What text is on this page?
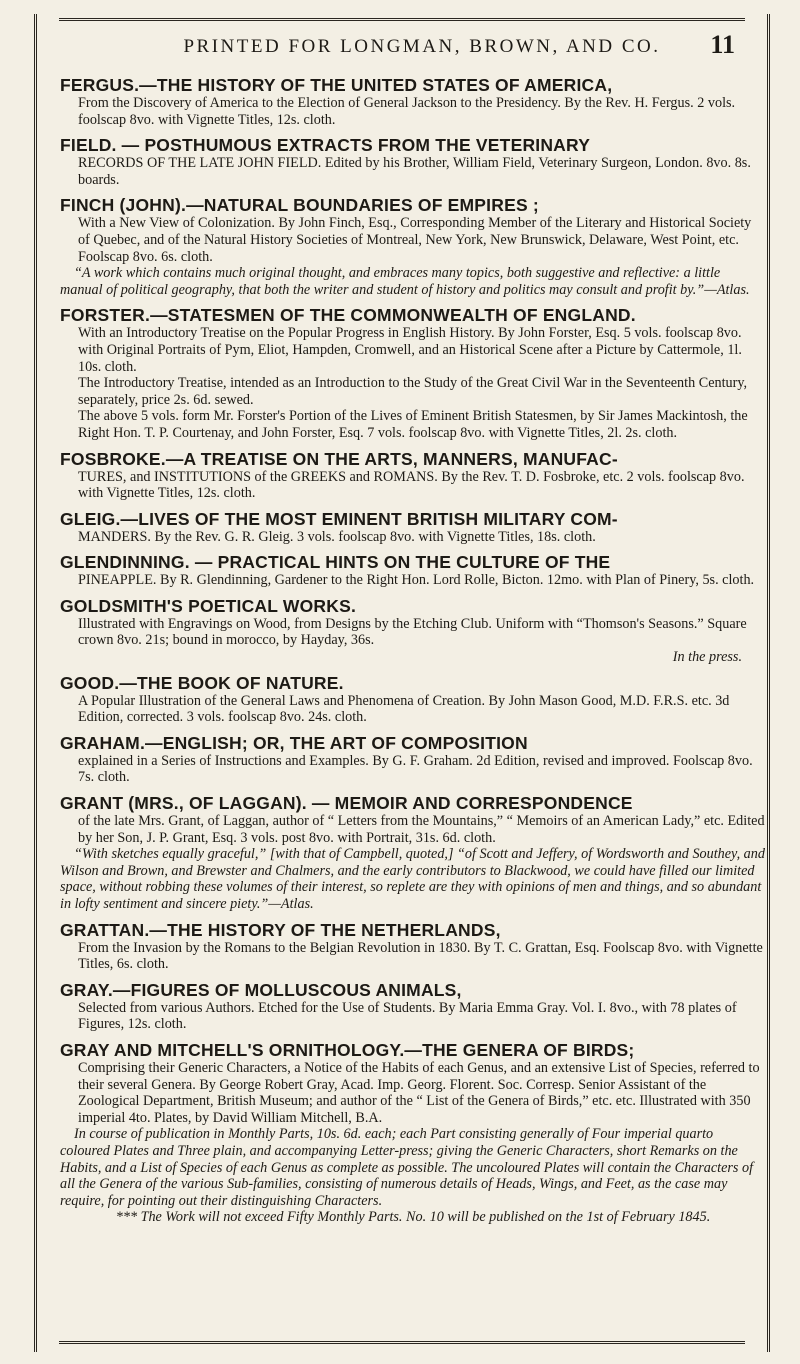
PRINTED FOR LONGMAN, BROWN, AND CO. 11
FERGUS.—THE HISTORY OF THE UNITED STATES OF AMERICA,

From the Discovery of America to the Election of General Jackson to the Presidency. By the Rev. H. Fergus. 2 vols. foolscap 8vo. with Vignette Titles, 12s. cloth.

FIELD. — POSTHUMOUS EXTRACTS FROM THE VETERINARY

RECORDS OF THE LATE JOHN FIELD. Edited by his Brother, William Field, Veterinary Surgeon, London. 8vo. 8s. boards.

FINCH (JOHN).—NATURAL BOUNDARIES OF EMPIRES ;

With a New View of Colonization. By John Finch, Esq., Corresponding Member of the Literary and Historical Society of Quebec, and of the Natural History Societies of Montreal, New York, New Brunswick, Delaware, West Point, etc. Foolscap 8vo. 6s. cloth.

“A work which contains much original thought, and embraces many topics, both suggestive and reflective: a little manual of political geography, that both the writer and student of history and politics may consult and profit by.”—Atlas.

FORSTER.—STATESMEN OF THE COMMONWEALTH OF ENGLAND.

With an Introductory Treatise on the Popular Progress in English History. By John Forster, Esq. 5 vols. foolscap 8vo. with Original Portraits of Pym, Eliot, Hampden, Cromwell, and an Historical Scene after a Picture by Cattermole, 1l. 10s. cloth.

The Introductory Treatise, intended as an Introduction to the Study of the Great Civil War in the Seventeenth Century, separately, price 2s. 6d. sewed.

The above 5 vols. form Mr. Forster's Portion of the Lives of Eminent British Statesmen, by Sir James Mackintosh, the Right Hon. T. P. Courtenay, and John Forster, Esq. 7 vols. foolscap 8vo. with Vignette Titles, 2l. 2s. cloth.

FOSBROKE.—A TREATISE ON THE ARTS, MANNERS, MANUFAC-

TURES, and INSTITUTIONS of the GREEKS and ROMANS. By the Rev. T. D. Fosbroke, etc. 2 vols. foolscap 8vo. with Vignette Titles, 12s. cloth.

GLEIG.—LIVES OF THE MOST EMINENT BRITISH MILITARY COM-

MANDERS. By the Rev. G. R. Gleig. 3 vols. foolscap 8vo. with Vignette Titles, 18s. cloth.

GLENDINNING. — PRACTICAL HINTS ON THE CULTURE OF THE

PINEAPPLE. By R. Glendinning, Gardener to the Right Hon. Lord Rolle, Bicton. 12mo. with Plan of Pinery, 5s. cloth.

GOLDSMITH'S POETICAL WORKS.

Illustrated with Engravings on Wood, from Designs by the Etching Club. Uniform with “Thomson's Seasons.” Square crown 8vo. 21s; bound in morocco, by Hayday, 36s.

In the press.

GOOD.—THE BOOK OF NATURE.

A Popular Illustration of the General Laws and Phenomena of Creation. By John Mason Good, M.D. F.R.S. etc. 3d Edition, corrected. 3 vols. foolscap 8vo. 24s. cloth.

GRAHAM.—ENGLISH; OR, THE ART OF COMPOSITION

explained in a Series of Instructions and Examples. By G. F. Graham. 2d Edition, revised and improved. Foolscap 8vo. 7s. cloth.

GRANT (MRS., OF LAGGAN). — MEMOIR AND CORRESPONDENCE

of the late Mrs. Grant, of Laggan, author of “ Letters from the Mountains,” “ Memoirs of an American Lady,” etc. Edited by her Son, J. P. Grant, Esq. 3 vols. post 8vo. with Portrait, 31s. 6d. cloth.

“With sketches equally graceful,” [with that of Campbell, quoted,] “of Scott and Jeffery, of Wordsworth and Southey, and Wilson and Brown, and Brewster and Chalmers, and the early contributors to Blackwood, we could have filled our limited space, without robbing these volumes of their interest, so replete are they with opinions of men and things, and so abundant in lofty sentiment and sincere piety.”—Atlas.

GRATTAN.—THE HISTORY OF THE NETHERLANDS,

From the Invasion by the Romans to the Belgian Revolution in 1830. By T. C. Grattan, Esq. Foolscap 8vo. with Vignette Titles, 6s. cloth.

GRAY.—FIGURES OF MOLLUSCOUS ANIMALS,

Selected from various Authors. Etched for the Use of Students. By Maria Emma Gray. Vol. I. 8vo., with 78 plates of Figures, 12s. cloth.

GRAY AND MITCHELL'S ORNITHOLOGY.—THE GENERA OF BIRDS;

Comprising their Generic Characters, a Notice of the Habits of each Genus, and an extensive List of Species, referred to their several Genera. By George Robert Gray, Acad. Imp. Georg. Florent. Soc. Corresp. Senior Assistant of the Zoological Department, British Museum; and author of the “ List of the Genera of Birds,” etc. etc. Illustrated with 350 imperial 4to. Plates, by David William Mitchell, B.A.

In course of publication in Monthly Parts, 10s. 6d. each; each Part consisting generally of Four imperial quarto coloured Plates and Three plain, and accompanying Letter-press; giving the Generic Characters, short Remarks on the Habits, and a List of Species of each Genus as complete as possible. The uncoloured Plates will contain the Characters of all the Genera of the various Sub-families, consisting of numerous details of Heads, Wings, and Feet, as the case may require, for pointing out their distinguishing Characters.

*** The Work will not exceed Fifty Monthly Parts. No. 10 will be published on the 1st of February 1845.
